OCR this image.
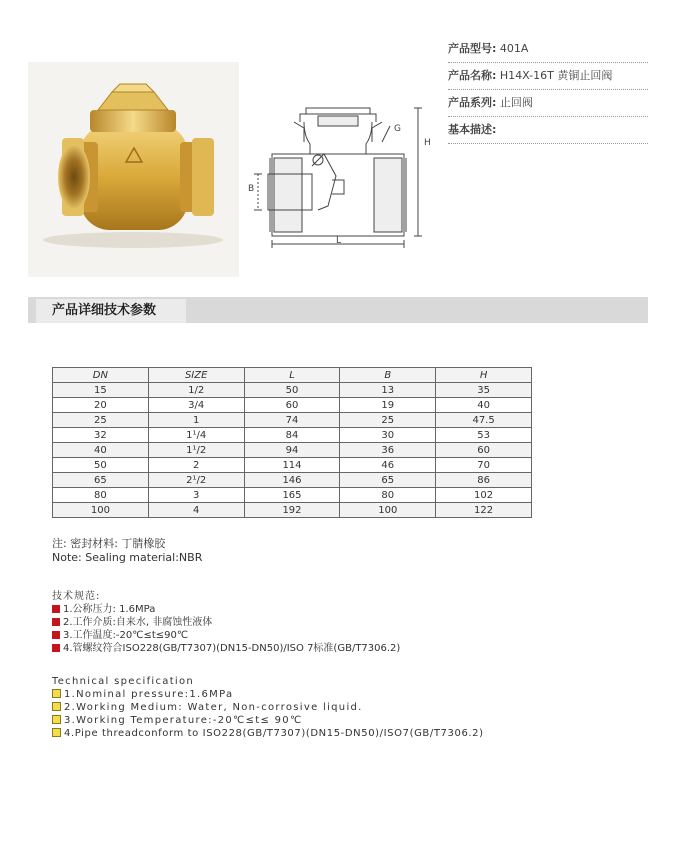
G
H
B
L
产品型号: 401A
产品名称: H14X-16T 黄铜止回阀
产品系列: 止回阀
基本描述:
产品详细技术参数
DN	SIZE	L	B	H
15	1/2	50	13	35
20	3/4	60	19	40
25	1	74	25	47.5
32	1¹/4	84	30	53
40	1¹/2	94	36	60
50	2	114	46	70
65	2¹/2	146	65	86
80	3	165	80	102
100	4	192	100	122
注: 密封材料: 丁腈橡胶
Note: Sealing material:NBR
技术规范:
1.公称压力: 1.6MPa
2.工作介质:自来水, 非腐蚀性液体
3.工作温度:-20℃≤t≤90℃
4.管螺纹符合ISO228(GB/T7307)(DN15-DN50)/ISO 7标准(GB/T7306.2)
Technical specification
1.Nominal pressure:1.6MPa
2.Working Medium: Water, Non-corrosive liquid.
3.Working Temperature:-20℃≤t≤ 90℃
4.Pipe threadconform to ISO228(GB/T7307)(DN15-DN50)/ISO7(GB/T7306.2)
